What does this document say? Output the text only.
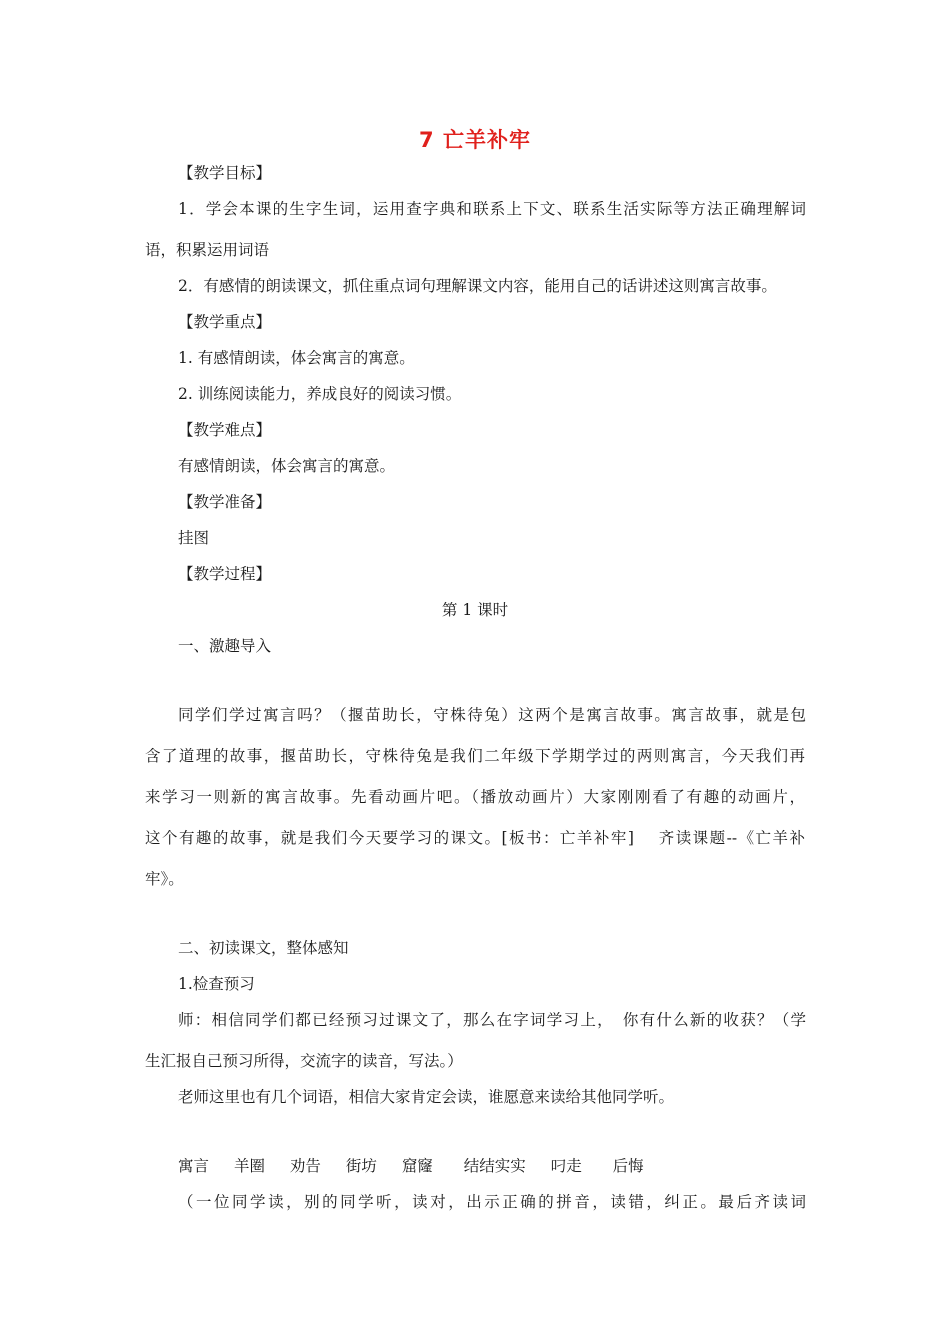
7 亡羊补牢
【教学目标】
1．学会本课的生字生词，运用查字典和联系上下文、联系生活实际等方法正确理解词
语，积累运用词语
2．有感情的朗读课文，抓住重点词句理解课文内容，能用自己的话讲述这则寓言故事。
【教学重点】
1. 有感情朗读，体会寓言的寓意。
2. 训练阅读能力，养成良好的阅读习惯。
【教学难点】
有感情朗读，体会寓言的寓意。
【教学准备】
挂图
【教学过程】
第 1 课时
一、激趣导入
同学们学过寓言吗？（揠苗助长，守株待兔）这两个是寓言故事。寓言故事，就是包
含了道理的故事，揠苗助长，守株待兔是我们二年级下学期学过的两则寓言，今天我们再
来学习一则新的寓言故事。先看动画片吧。（播放动画片）大家刚刚看了有趣的动画片，
这个有趣的故事，就是我们今天要学习的课文。[板书：亡羊补牢]　 齐读课题--《亡羊补
牢》。
二、初读课文，整体感知
1.检查预习
师：相信同学们都已经预习过课文了，那么在字词学习上，　你有什么新的收获？（学
生汇报自己预习所得，交流字的读音，写法。）
老师这里也有几个词语，相信大家肯定会读，谁愿意来读给其他同学听。
寓言 羊圈 劝告 街坊 窟窿 结结实实 叼走 后悔
（一位同学读，别的同学听，读对，出示正确的拼音，读错，纠正。最后齐读词
